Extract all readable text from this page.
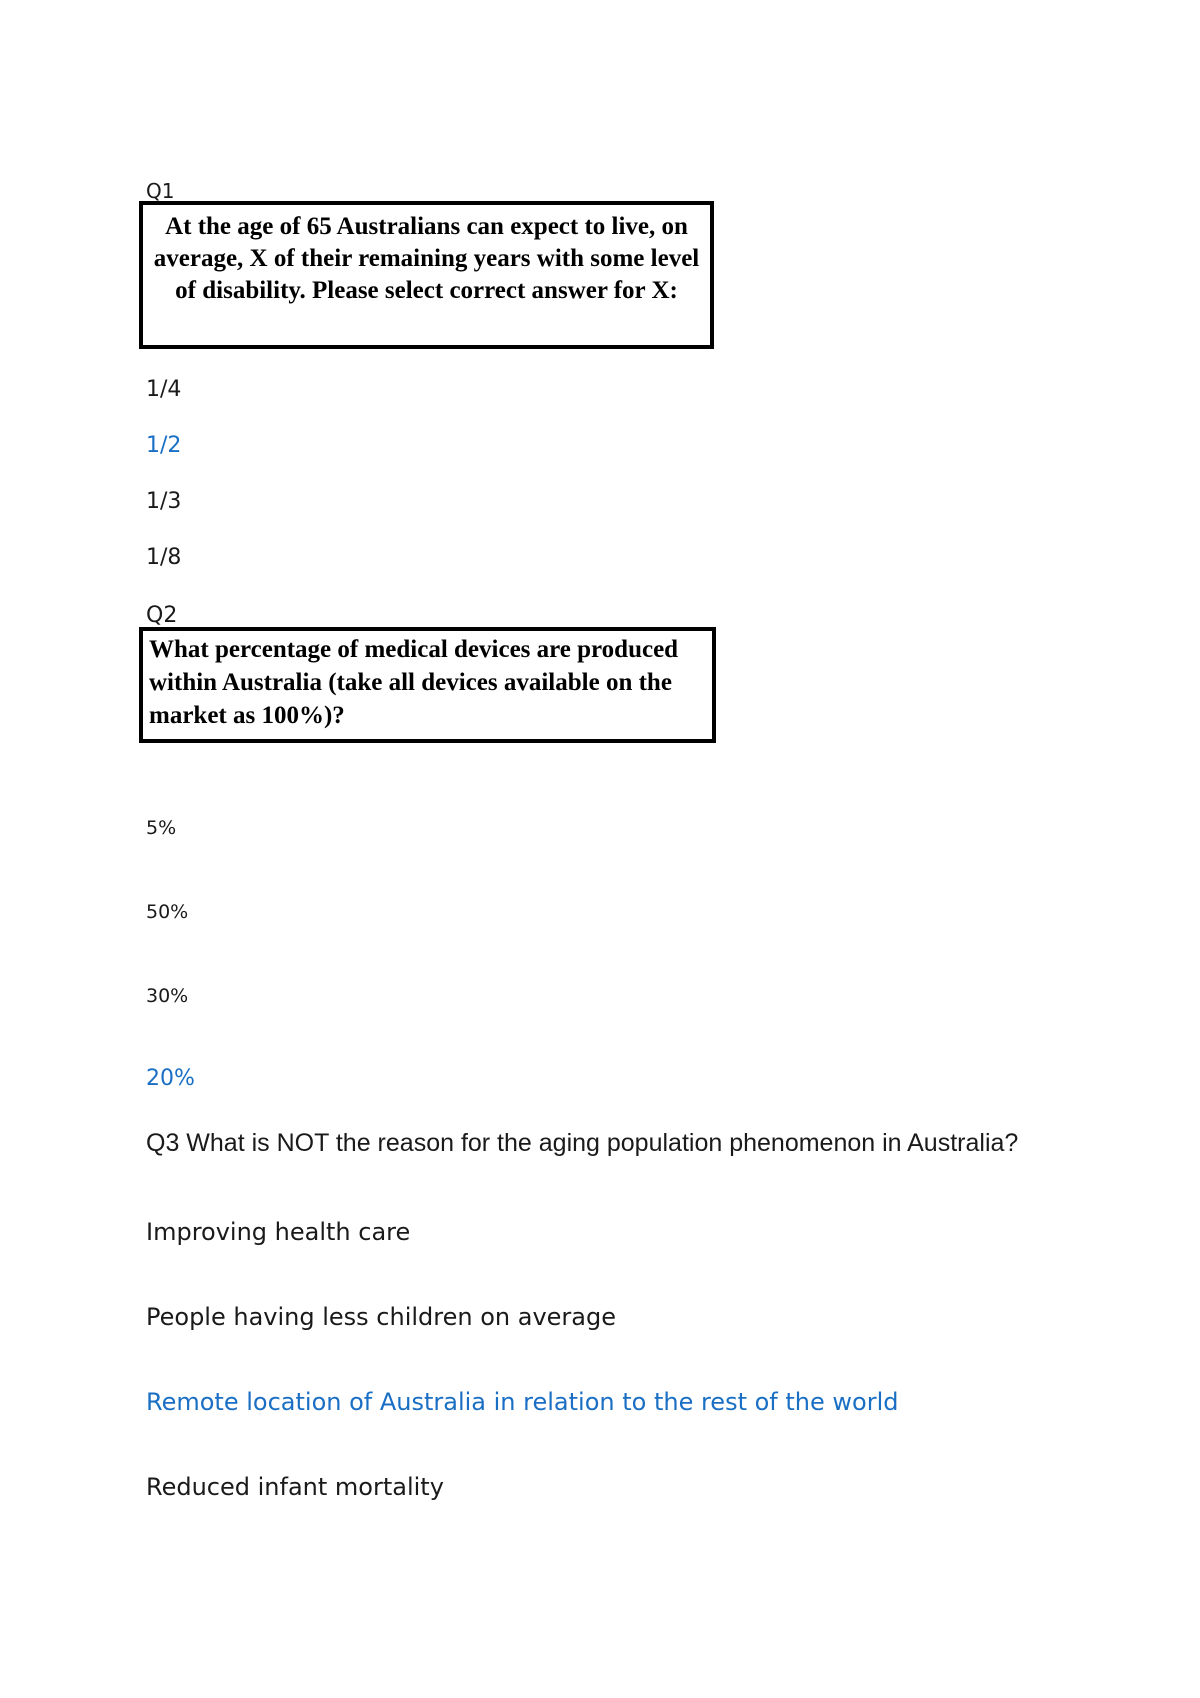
Q1
At the age of 65 Australians can expect to live, on average, X of their remaining years with some level of disability. Please select correct answer for X:
1/4
1/2
1/3
1/8
Q2
What percentage of medical devices are produced within Australia (take all devices available on the market as 100%)?
5%
50%
30%
20%
Q3 What is NOT the reason for the aging population phenomenon in Australia?
Improving health care
People having less children on average
Remote location of Australia in relation to the rest of the world
Reduced infant mortality
